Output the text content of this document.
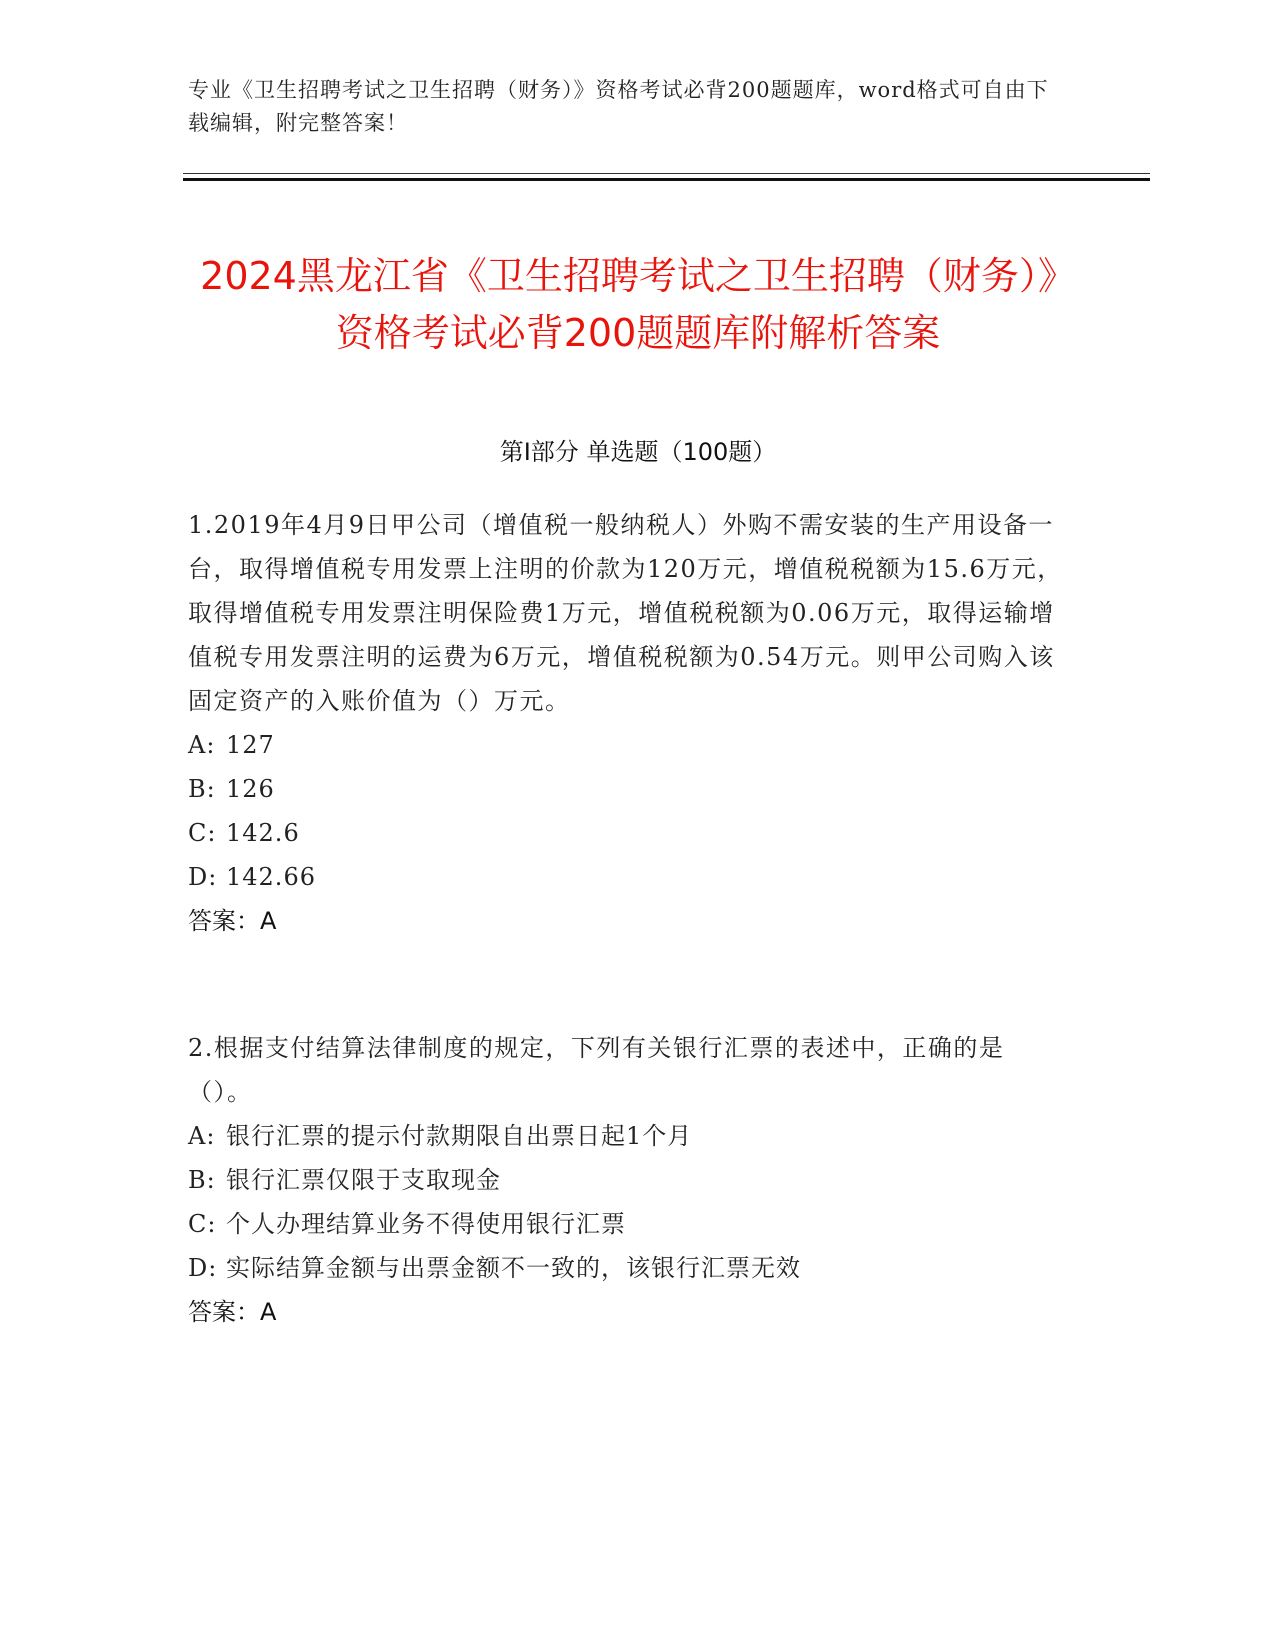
专业《卫生招聘考试之卫生招聘（财务）》资格考试必背200题题库，word格式可自由下载编辑，附完整答案！
2024黑龙江省《卫生招聘考试之卫生招聘（财务）》资格考试必背200题题库附解析答案
第I部分 单选题（100题）

1.2019年4月9日甲公司（增值税一般纳税人）外购不需安装的生产用设备一台，取得增值税专用发票上注明的价款为120万元，增值税税额为15.6万元，取得增值税专用发票注明保险费1万元，增值税税额为0.06万元，取得运输增值税专用发票注明的运费为6万元，增值税税额为0.54万元。则甲公司购入该固定资产的入账价值为（）万元。

A: 127

B: 126

C: 142.6

D: 142.66

答案：A

2.根据支付结算法律制度的规定，下列有关银行汇票的表述中，正确的是（）。

A: 银行汇票的提示付款期限自出票日起1个月

B: 银行汇票仅限于支取现金

C: 个人办理结算业务不得使用银行汇票

D: 实际结算金额与出票金额不一致的，该银行汇票无效

答案：A
